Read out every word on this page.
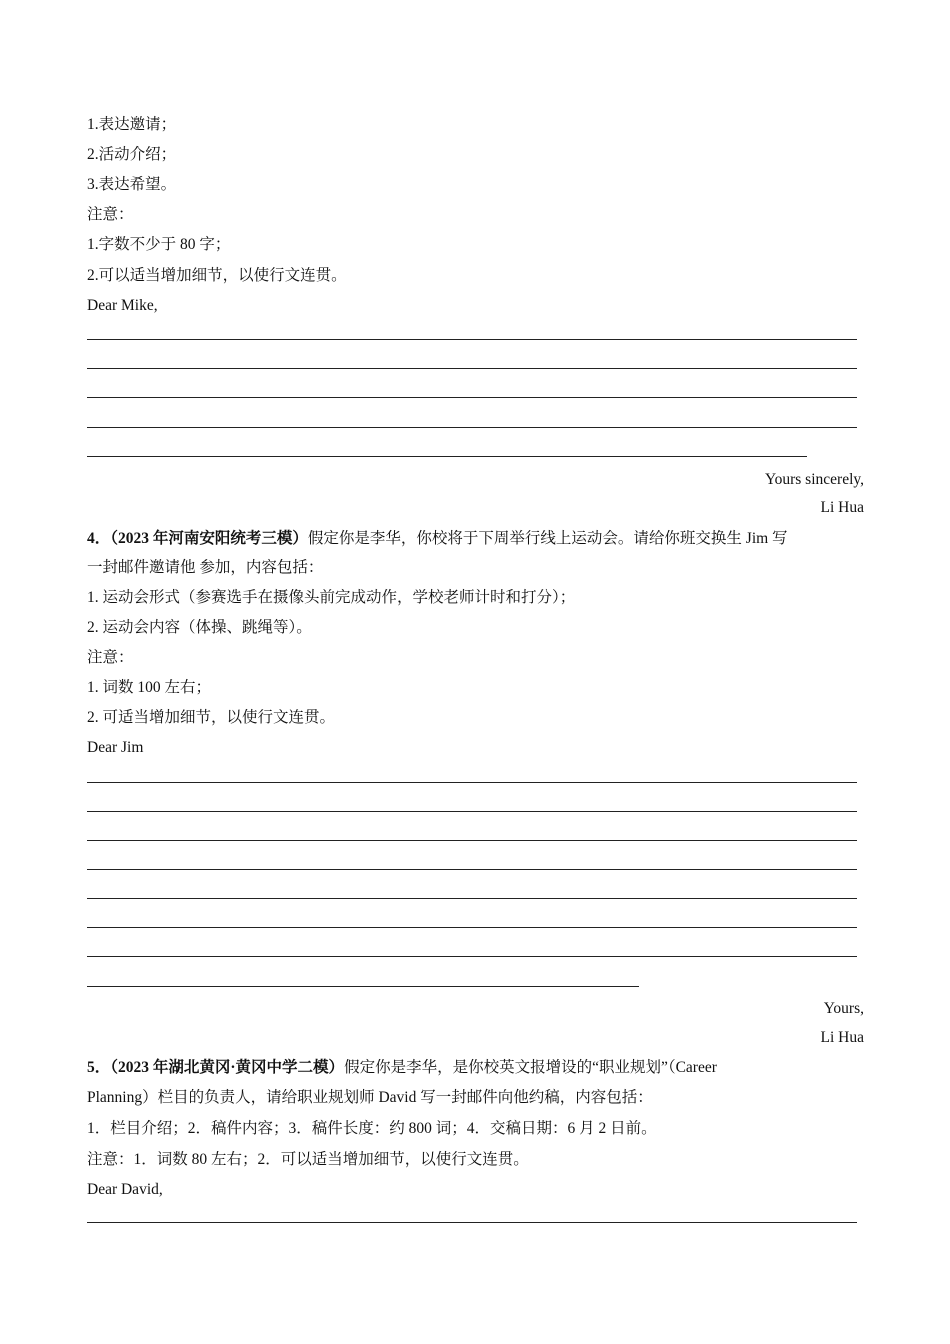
1.表达邀请；
2.活动介绍；
3.表达希望。
注意：
1.字数不少于 80 字；
2.可以适当增加细节，以使行文连贯。
Dear Mike,
Yours sincerely,
Li Hua
4．（2023 年河南安阳统考三模）假定你是李华，你校将于下周举行线上运动会。请给你班交换生 Jim 写
一封邮件邀请他 参加，内容包括：
1. 运动会形式（参赛选手在摄像头前完成动作，学校老师计时和打分）；
2. 运动会内容（体操、跳绳等）。
注意：
1. 词数 100 左右；
2. 可适当增加细节，以使行文连贯。
Dear Jim
Yours,
Li Hua
5．（2023 年湖北黄冈·黄冈中学二模）假定你是李华，是你校英文报增设的“职业规划”（Career
Planning）栏目的负责人，请给职业规划师 David 写一封邮件向他约稿，内容包括：
1．栏目介绍；2．稿件内容；3．稿件长度：约 800 词；4．交稿日期：6 月 2 日前。
注意：1．词数 80 左右；2．可以适当增加细节，以使行文连贯。
Dear David,
